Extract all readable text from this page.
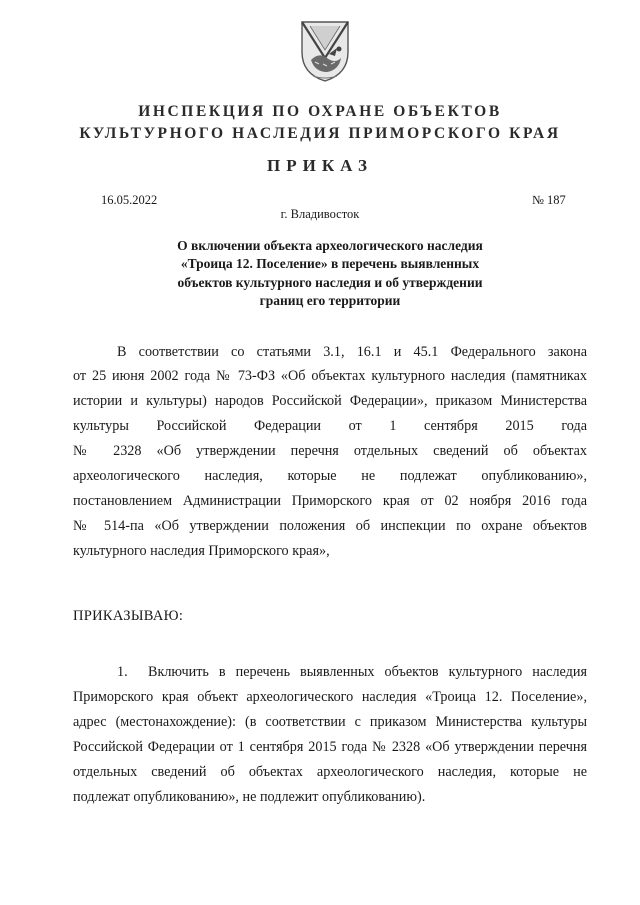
ИНСПЕКЦИЯ ПО ОХРАНЕ ОБЪЕКТОВ
КУЛЬТУРНОГО НАСЛЕДИЯ ПРИМОРСКОГО КРАЯ
ПРИКАЗ
16.05.2022	№ 187
г. Владивосток
О включении объекта археологического наследия
«Троица 12. Поселение» в перечень выявленных
объектов культурного наследия и об утверждении
границ его территории
В соответствии со статьями 3.1, 16.1 и 45.1 Федерального закона
от 25 июня 2002 года № 73-ФЗ «Об объектах культурного наследия (памятниках
истории и культуры) народов Российской Федерации», приказом Министерства
культуры Российской Федерации от 1 сентября 2015 года
№ 2328 «Об утверждении перечня отдельных сведений об объектах
археологического наследия, которые не подлежат опубликованию»,
постановлением Администрации Приморского края от 02 ноября 2016 года
№ 514-па «Об утверждении положения об инспекции по охране объектов
культурного наследия Приморского края»,
ПРИКАЗЫВАЮ:
1. Включить в перечень выявленных объектов культурного наследия
Приморского края объект археологического наследия «Троица 12. Поселение»,
адрес (местонахождение): (в соответствии с приказом Министерства культуры
Российской Федерации от 1 сентября 2015 года № 2328 «Об утверждении перечня
отдельных сведений об объектах археологического наследия, которые не
подлежат опубликованию», не подлежит опубликованию).
